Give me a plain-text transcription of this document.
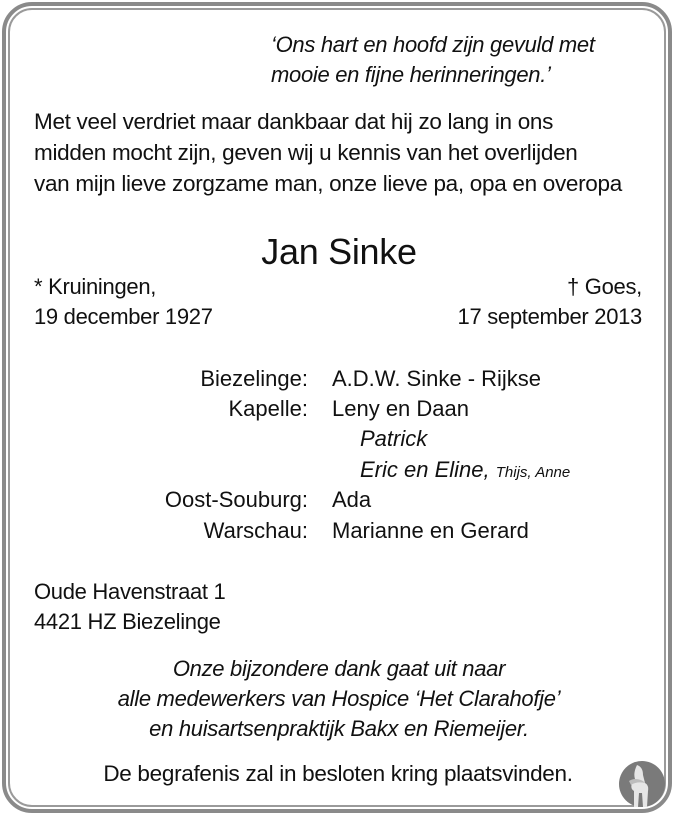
‘Ons hart en hoofd zijn gevuld met
mooie en fijne herinneringen.’
Met veel verdriet maar dankbaar dat hij zo lang in ons
midden mocht zijn, geven wij u kennis van het overlijden
van mijn lieve zorgzame man, onze lieve pa, opa en overopa
Jan Sinke
* Kruiningen,
19 december 1927
† Goes,
17 september 2013
Biezelinge: A.D.W. Sinke - Rijkse
Kapelle: Leny en Daan
Patrick
Eric en Eline, Thijs, Anne
Oost-Souburg: Ada
Warschau: Marianne en Gerard
Oude Havenstraat 1
4421 HZ Biezelinge
Onze bijzondere dank gaat uit naar
alle medewerkers van Hospice ‘Het Clarahofje’
en huisartsenpraktijk Bakx en Riemeijer.
De begrafenis zal in besloten kring plaatsvinden.
